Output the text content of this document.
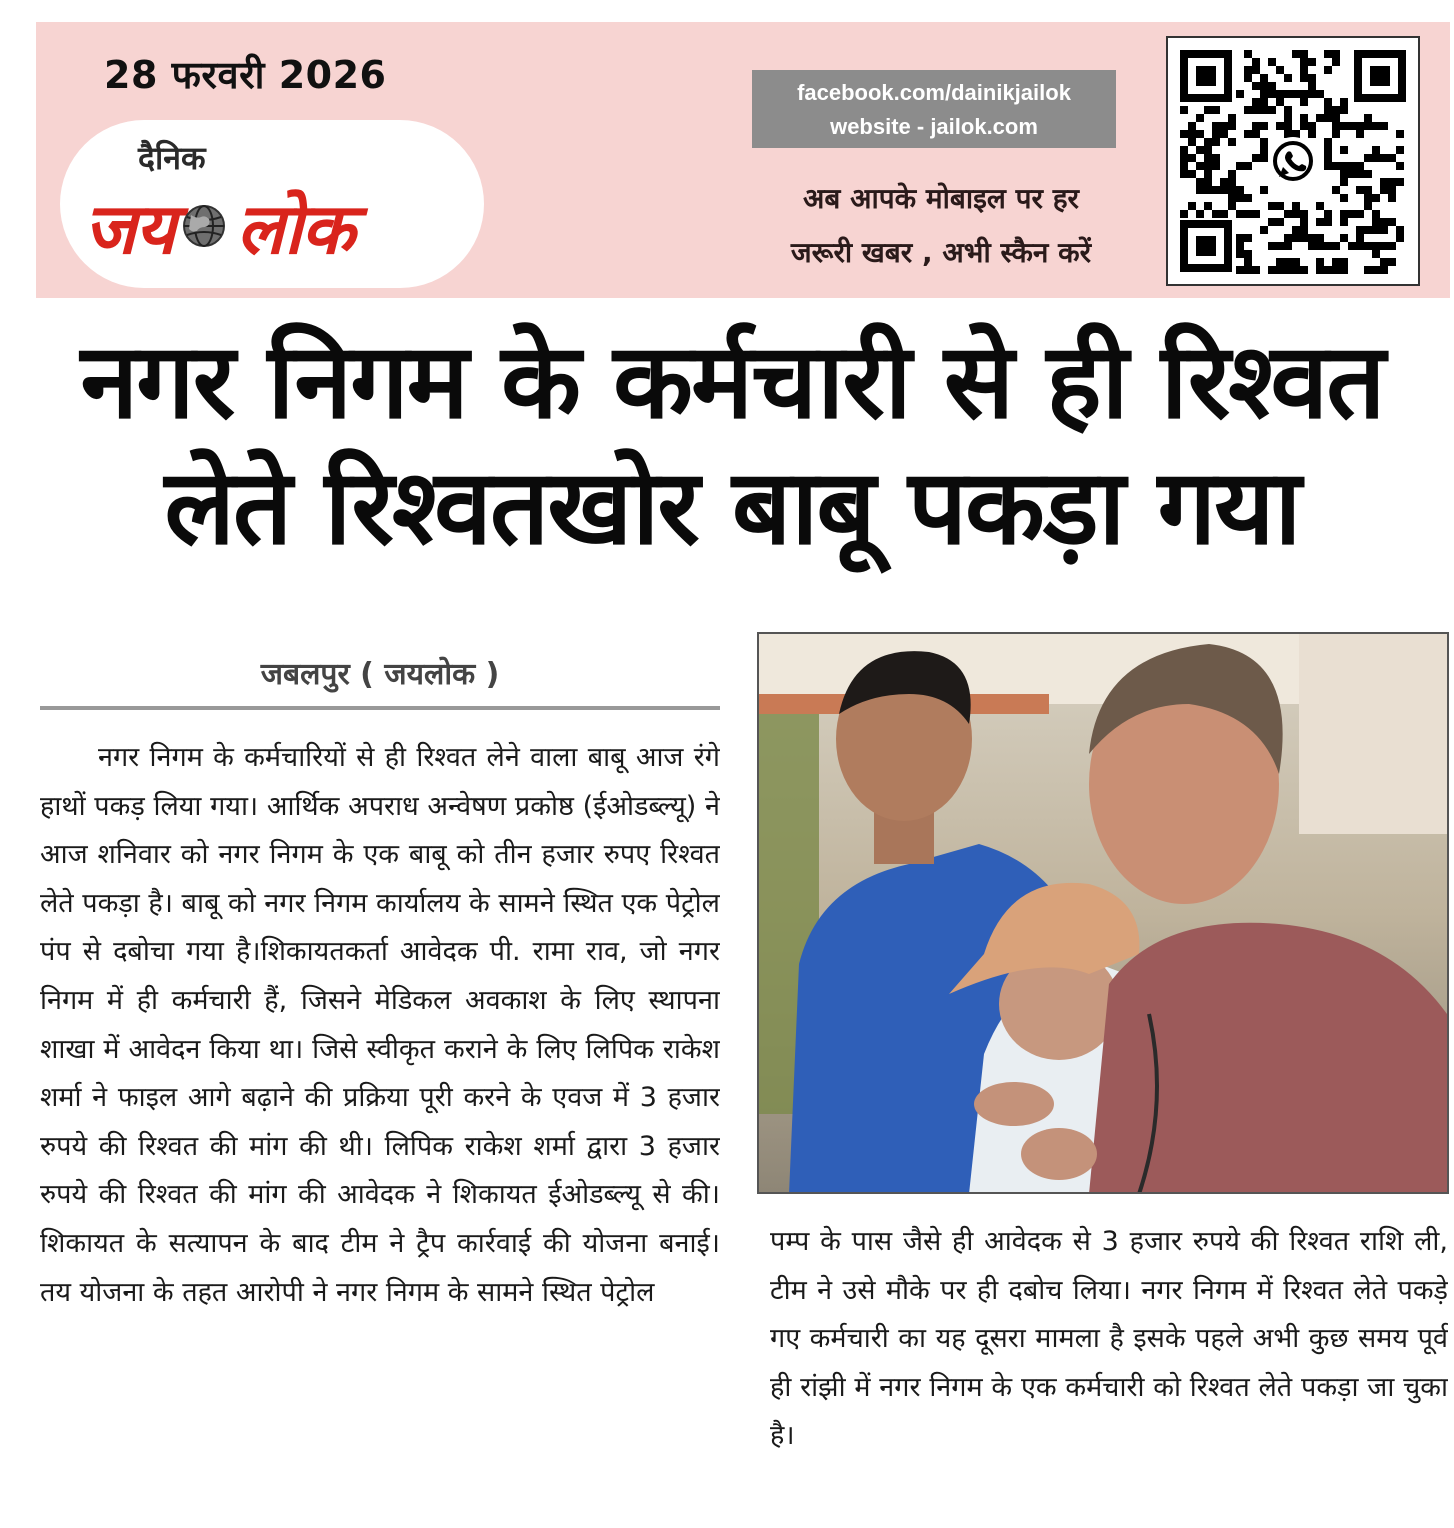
28 फरवरी 2026
दैनिक
जय लोक
facebook.com/dainikjailok
website - jailok.com
अब आपके मोबाइल पर हर
जरूरी खबर , अभी स्कैन करें
नगर निगम के कर्मचारी से ही रिश्वत
लेते रिश्वतखोर बाबू पकड़ा गया
जबलपुर ( जयलोक )

नगर निगम के कर्मचारियों से ही रिश्वत लेने वाला बाबू आज रंगे हाथों पकड़ लिया गया। आर्थिक अपराध अन्वेषण प्रकोष्ठ (ईओडब्ल्यू) ने आज शनिवार को नगर निगम के एक बाबू को तीन हजार रुपए रिश्वत लेते पकड़ा है। बाबू को नगर निगम कार्यालय के सामने स्थित एक पेट्रोल पंप से दबोचा गया है।शिकायतकर्ता आवेदक पी. रामा राव, जो नगर निगम में ही कर्मचारी हैं, जिसने मेडिकल अवकाश के लिए स्थापना शाखा में आवेदन किया था। जिसे स्वीकृत कराने के लिए लिपिक राकेश शर्मा ने फाइल आगे बढ़ाने की प्रक्रिया पूरी करने के एवज में 3 हजार रुपये की रिश्वत की मांग की थी। लिपिक राकेश शर्मा द्वारा 3 हजार रुपये की रिश्वत की मांग की आवेदक ने शिकायत ईओडब्ल्यू से की। शिकायत के सत्यापन के बाद टीम ने ट्रैप कार्रवाई की योजना बनाई। तय योजना के तहत आरोपी ने नगर निगम के सामने स्थित पेट्रोल

पम्प के पास जैसे ही आवेदक से 3 हजार रुपये की रिश्वत राशि ली, टीम ने उसे मौके पर ही दबोच लिया। नगर निगम में रिश्वत लेते पकड़े गए कर्मचारी का यह दूसरा मामला है इसके पहले अभी कुछ समय पूर्व ही रांझी में नगर निगम के एक कर्मचारी को रिश्वत लेते पकड़ा जा चुका है।
